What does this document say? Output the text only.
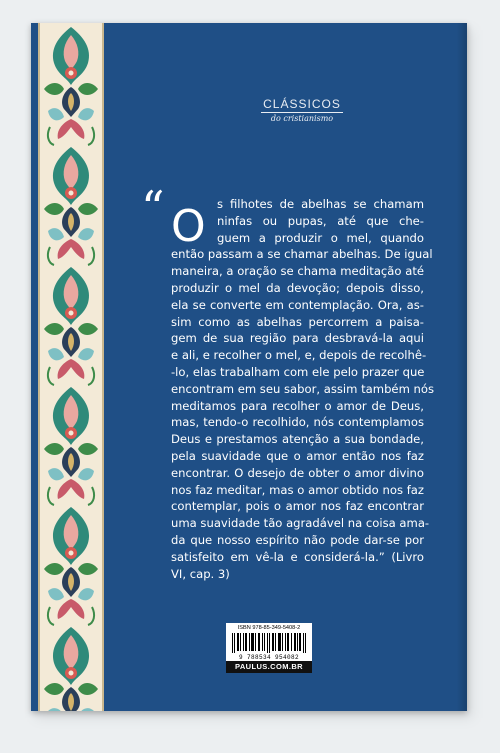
CLÁSSICOS
do cristianismo
“ O s filhotes de abelhas se chamam
ninfas ou pupas, até que che-
guem a produzir o mel, quando
então passam a se chamar abelhas. De igual
maneira, a oração se chama meditação até
produzir o mel da devoção; depois disso,
ela se converte em contemplação. Ora, as-
sim como as abelhas percorrem a paisa-
gem de sua região para desbravá-la aqui
e ali, e recolher o mel, e, depois de recolhê-
-lo, elas trabalham com ele pelo prazer que
encontram em seu sabor, assim também nós
meditamos para recolher o amor de Deus,
mas, tendo-o recolhido, nós contemplamos
Deus e prestamos atenção a sua bondade,
pela suavidade que o amor então nos faz
encontrar. O desejo de obter o amor divino
nos faz meditar, mas o amor obtido nos faz
contemplar, pois o amor nos faz encontrar
uma suavidade tão agradável na coisa ama-
da que nosso espírito não pode dar-se por
satisfeito em vê-la e considerá-la.” (Livro
VI, cap. 3)
ISBN 978-85-349-5408-2
9 788534 954082
PAULUS.COM.BR
